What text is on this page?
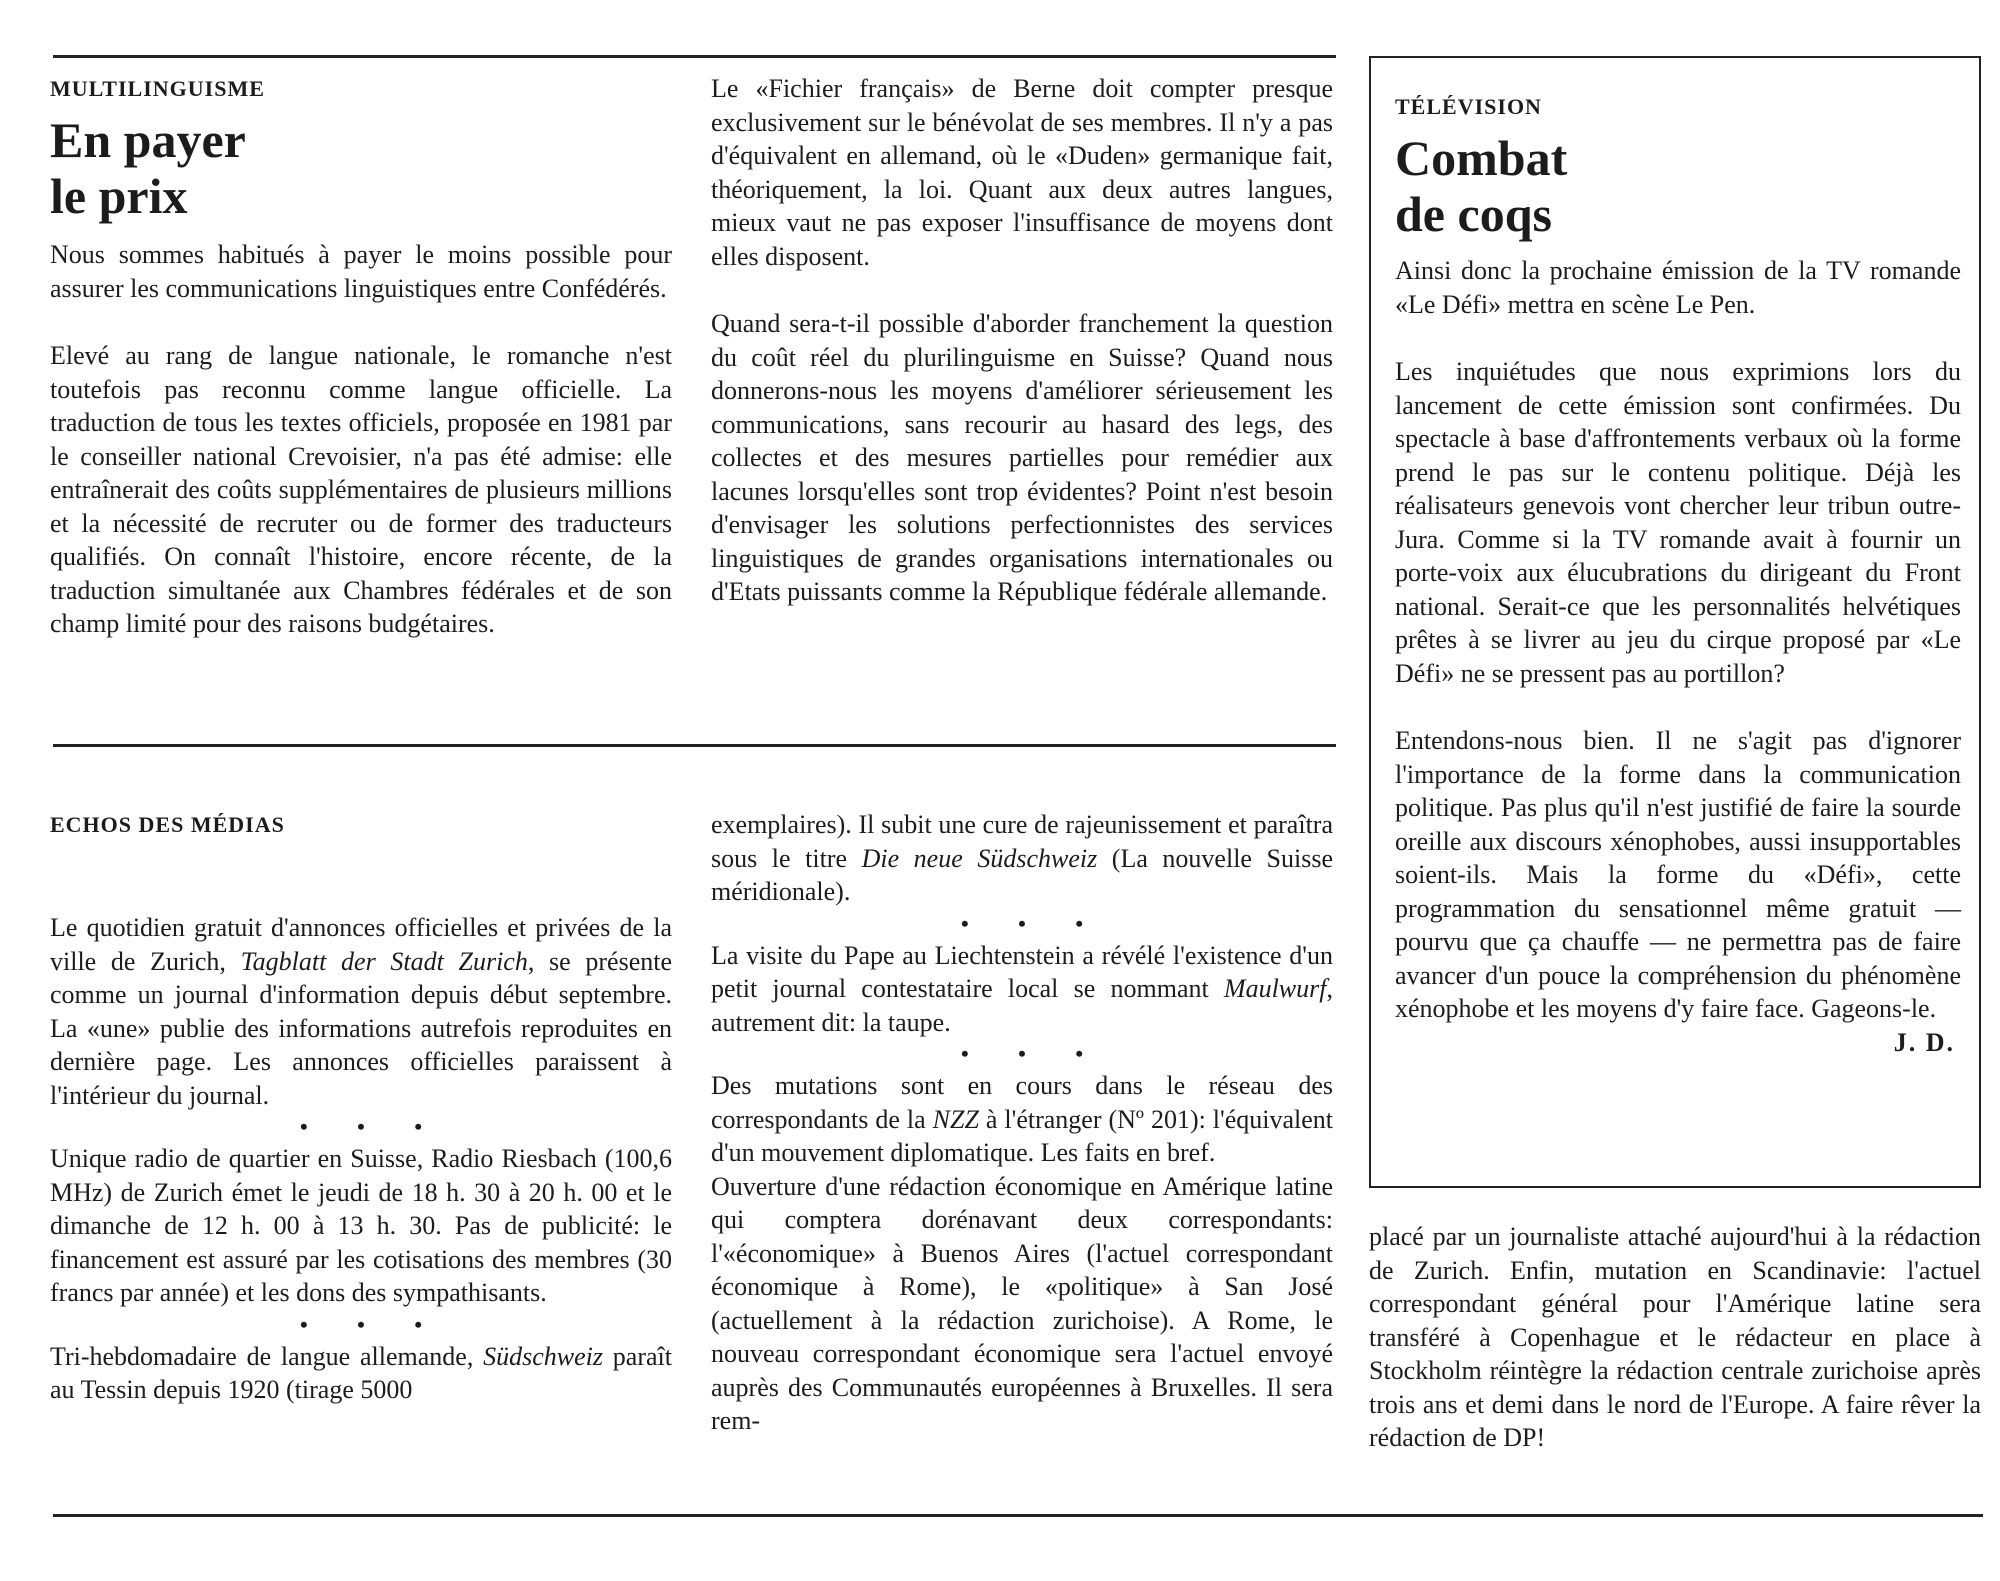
MULTILINGUISME
En payer
le prix

Nous sommes habitués à payer le moins possible pour assurer les communications linguistiques entre Confédérés.

Elevé au rang de langue nationale, le romanche n'est toutefois pas reconnu comme langue officielle. La traduction de tous les textes officiels, proposée en 1981 par le conseiller national Crevoisier, n'a pas été admise: elle entraînerait des coûts supplémentaires de plusieurs millions et la nécessité de recruter ou de former des traducteurs qualifiés. On connaît l'histoire, encore récente, de la traduction simultanée aux Chambres fédérales et de son champ limité pour des raisons budgétaires.

Le «Fichier français» de Berne doit compter presque exclusivement sur le bénévolat de ses membres. Il n'y a pas d'équivalent en allemand, où le «Duden» germanique fait, théoriquement, la loi. Quant aux deux autres langues, mieux vaut ne pas exposer l'insuffisance de moyens dont elles disposent.

Quand sera-t-il possible d'aborder franchement la question du coût réel du plurilinguisme en Suisse? Quand nous donnerons-nous les moyens d'améliorer sérieusement les communications, sans recourir au hasard des legs, des collectes et des mesures partielles pour remédier aux lacunes lorsqu'elles sont trop évidentes? Point n'est besoin d'envisager les solutions perfectionnistes des services linguistiques de grandes organisations internationales ou d'Etats puissants comme la République fédérale allemande.

TÉLÉVISION
Combat
de coqs

Ainsi donc la prochaine émission de la TV romande «Le Défi» mettra en scène Le Pen.

Les inquiétudes que nous exprimions lors du lancement de cette émission sont confirmées. Du spectacle à base d'affrontements verbaux où la forme prend le pas sur le contenu politique. Déjà les réalisateurs genevois vont chercher leur tribun outre-Jura. Comme si la TV romande avait à fournir un porte-voix aux élucubrations du dirigeant du Front national. Serait-ce que les personnalités helvétiques prêtes à se livrer au jeu du cirque proposé par «Le Défi» ne se pressent pas au portillon?

Entendons-nous bien. Il ne s'agit pas d'ignorer l'importance de la forme dans la communication politique. Pas plus qu'il n'est justifié de faire la sourde oreille aux discours xénophobes, aussi insupportables soient-ils. Mais la forme du «Défi», cette programmation du sensationnel même gratuit — pourvu que ça chauffe — ne permettra pas de faire avancer d'un pouce la compréhension du phénomène xénophobe et les moyens d'y faire face. Gageons-le.

J. D.
ECHOS DES MÉDIAS

Le quotidien gratuit d'annonces officielles et privées de la ville de Zurich, Tagblatt der Stadt Zurich, se présente comme un journal d'information depuis début septembre. La «une» publie des informations autrefois reproduites en dernière page. Les annonces officielles paraissent à l'intérieur du journal.

• • •

Unique radio de quartier en Suisse, Radio Riesbach (100,6 MHz) de Zurich émet le jeudi de 18 h. 30 à 20 h. 00 et le dimanche de 12 h. 00 à 13 h. 30. Pas de publicité: le financement est assuré par les cotisations des membres (30 francs par année) et les dons des sympathisants.

• • •

Tri-hebdomadaire de langue allemande, Südschweiz paraît au Tessin depuis 1920 (tirage 5000

exemplaires). Il subit une cure de rajeunissement et paraîtra sous le titre Die neue Südschweiz (La nouvelle Suisse méridionale).

• • •

La visite du Pape au Liechtenstein a révélé l'existence d'un petit journal contestataire local se nommant Maulwurf, autrement dit: la taupe.

• • •

Des mutations sont en cours dans le réseau des correspondants de la NZZ à l'étranger (Nº 201): l'équivalent d'un mouvement diplomatique. Les faits en bref.

Ouverture d'une rédaction économique en Amérique latine qui comptera dorénavant deux correspondants: l'«économique» à Buenos Aires (l'actuel correspondant économique à Rome), le «politique» à San José (actuellement à la rédaction zurichoise). A Rome, le nouveau correspondant économique sera l'actuel envoyé auprès des Communautés européennes à Bruxelles. Il sera rem-

placé par un journaliste attaché aujourd'hui à la rédaction de Zurich. Enfin, mutation en Scandinavie: l'actuel correspondant général pour l'Amérique latine sera transféré à Copenhague et le rédacteur en place à Stockholm réintègre la rédaction centrale zurichoise après trois ans et demi dans le nord de l'Europe. A faire rêver la rédaction de DP!
